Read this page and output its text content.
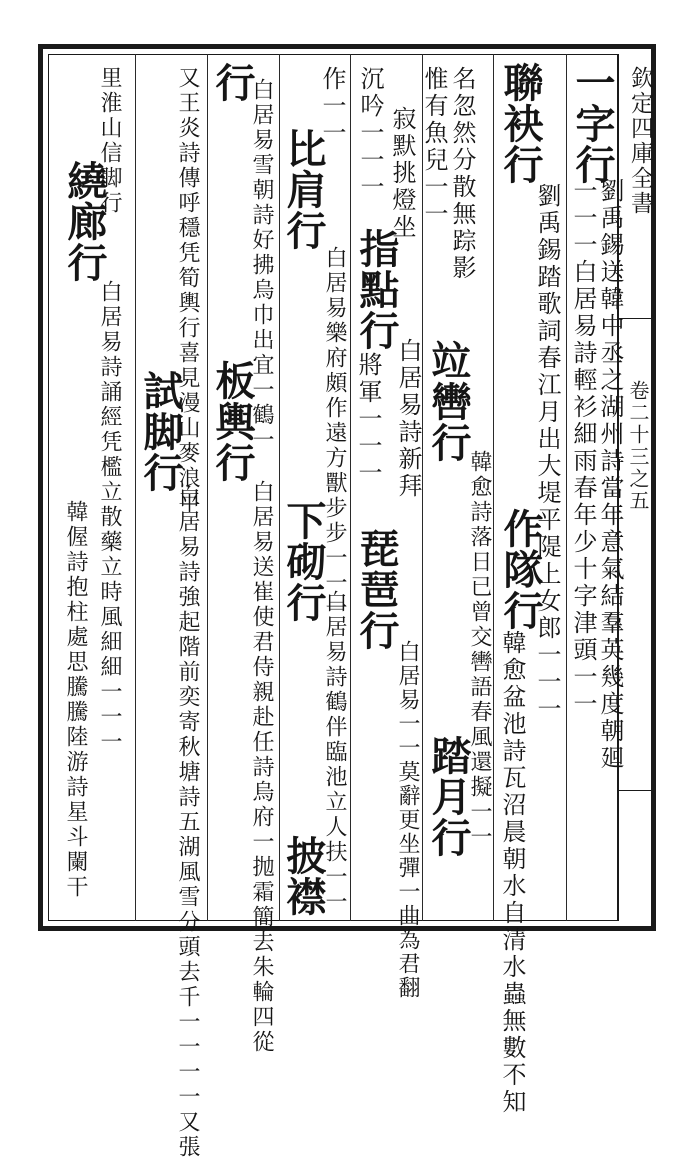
欽定四庫全書
卷二十三之五
一字行
劉禹錫送韓中丞之湖州詩當年意氣結羣英幾度朝廻
一一一白居易詩輕衫細雨春年少十字津頭一一
聯袂行
劉禹錫踏歌詞春江月出大堤平隄上女郎一一一
作隊行
韓愈盆池詩瓦沼晨朝水自清水蟲無數不知
名忽然分散無踪影
竝轡行
韓愈詩落日已曾交轡語春風還擬一一
踏月行
惟有魚兒一一
指點行
白居易詩新拜
琵琶行
白居易一一莫辭更坐彈一曲為君翻
寂默挑燈坐
將軍一一一
沉吟一一一
作一一
比肩行
白居易樂府頗作遠方獸步步一一一
下砌行
白居易詩鶴伴臨池立人扶一一
披襟
行
白居易雪朝詩好拂烏巾出宜一鶴一
板輿行
白居易送崔使君侍親赴任詩烏府一抛霜簡去朱輪四從
又王炎詩傳呼穩凭筍輿行喜見漫山麥浪平
試脚行
白居易詩強起階前奕寄秋塘詩五湖風雪分頭去千一一一一又張
里淮山信脚行
繞廊行
白居易詩誦經凭檻立散藥立時風細細一一一
韓偓詩抱柱處思騰騰陸游詩星斗闌干
